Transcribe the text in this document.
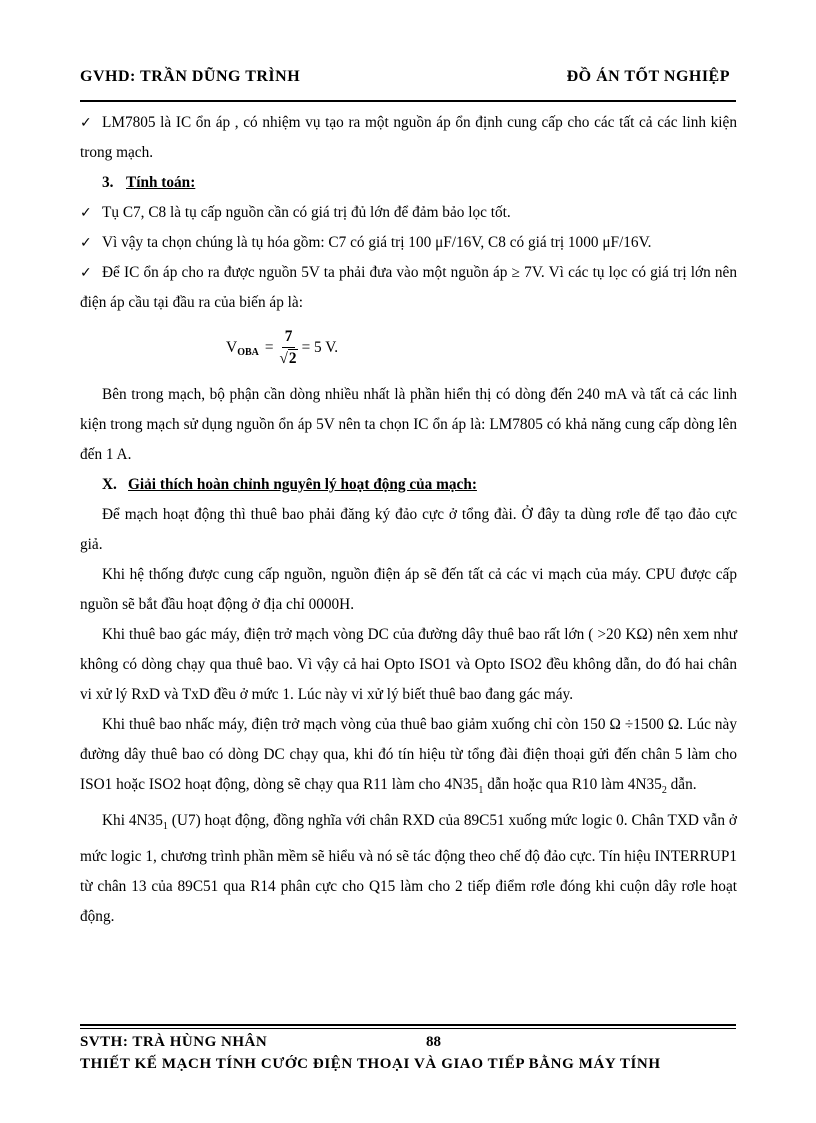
GVHD: TRẦN DŨNG TRÌNH	ĐỒ ÁN TỐT NGHIỆP

✓ LM7805 là IC ổn áp , có nhiệm vụ tạo ra một nguồn áp ổn định cung cấp cho các tất cả các linh kiện trong mạch.

3. Tính toán:

✓ Tụ C7, C8 là tụ cấp nguồn cần có giá trị đủ lớn để đảm bảo lọc tốt.

✓ Vì vậy ta chọn chúng là tụ hóa gồm: C7 có giá trị 100 μF/16V, C8 có giá trị 1000 μF/16V.

✓ Để IC ổn áp cho ra được nguồn 5V ta phải đưa vào một nguồn áp ≥ 7V. Vì các tụ lọc có giá trị lớn nên điện áp cầu tại đầu ra của biến áp là:

V OBA = $\frac{7}{√2} = 5$ V.

Bên trong mạch, bộ phận cần dòng nhiều nhất là phần hiển thị có dòng đến 240 mA và tất cả các linh kiện trong mạch sử dụng nguồn ổn áp 5V nên ta chọn IC ổn áp là: LM7805 có khả năng cung cấp dòng lên đến 1 A.

X. Giải thích hoàn chỉnh nguyên lý hoạt động của mạch:

Để mạch hoạt động thì thuê bao phải đăng ký đảo cực ở tổng đài. Ở đây ta dùng rơle để tạo đảo cực giả.

Khi hệ thống được cung cấp nguồn, nguồn điện áp sẽ đến tất cả các vi mạch của máy. CPU được cấp nguồn sẽ bắt đầu hoạt động ở địa chỉ 0000H.

Khi thuê bao gác máy, điện trở mạch vòng DC của đường dây thuê bao rất lớn ( >20 KΩ) nên xem như không có dòng chạy qua thuê bao. Vì vậy cả hai Opto ISO1 và Opto ISO2 đều không dẫn, do đó hai chân vi xử lý RxD và TxD đều ở mức 1. Lúc này vi xử lý biết thuê bao đang gác máy.

Khi thuê bao nhấc máy, điện trở mạch vòng của thuê bao giảm xuống chỉ còn 150 Ω ÷1500 Ω. Lúc này đường dây thuê bao có dòng DC chạy qua, khi đó tín hiệu từ tổng đài điện thoại gửi đến chân 5 làm cho ISO1 hoặc ISO2 hoạt động, dòng sẽ chạy qua R11 làm cho $4N35_1$ dẫn hoặc qua R10 làm $4N35_2$ dẫn.

Khi $4N35_1$ (U7) hoạt động, đồng nghĩa với chân RXD của 89C51 xuống mức logic 0. Chân TXD vẫn ở mức logic 1, chương trình phần mềm sẽ hiểu và nó sẽ tác động theo chế độ đảo cực. Tín hiệu INTERRUP1 từ chân 13 của 89C51 qua R14 phân cực cho Q15 làm cho 2 tiếp điểm rơle đóng khi cuộn dây rơle hoạt động.

SVTH: TRÀ HÙNG NHÂN	88
THIẾT KẾ MẠCH TÍNH CƯỚC ĐIỆN THOẠI VÀ GIAO TIẾP BẰNG MÁY TÍNH
